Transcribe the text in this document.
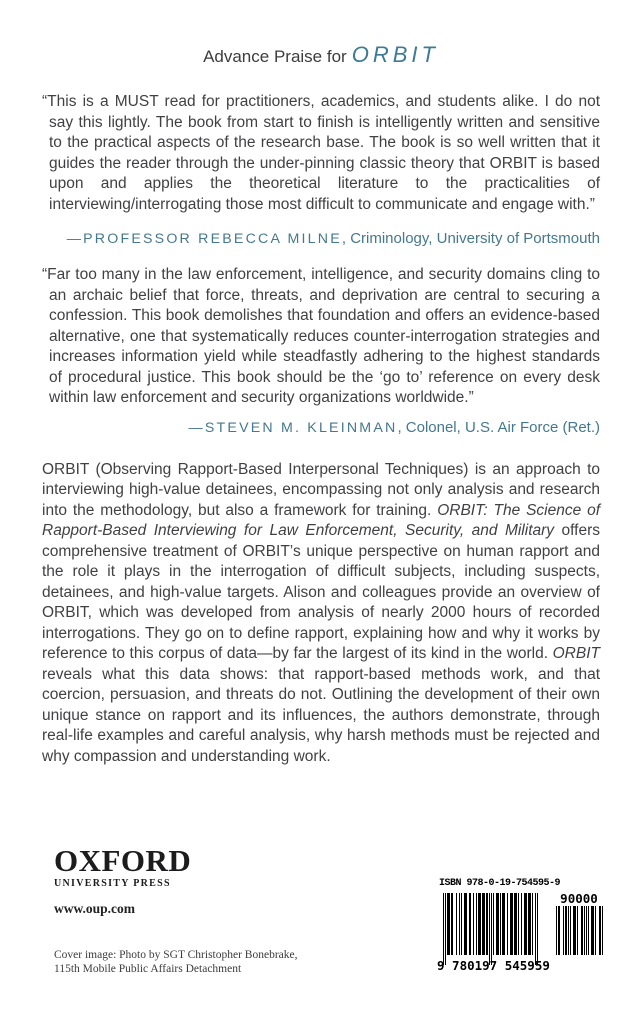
Advance Praise for ORBIT

“This is a MUST read for practitioners, academics, and students alike. I do not say this lightly. The book from start to finish is intelligently written and sensitive to the practical aspects of the research base. The book is so well written that it guides the reader through the under-pinning classic theory that ORBIT is based upon and applies the theoretical literature to the practicalities of interviewing/interrogating those most difficult to communicate and engage with.”

—PROFESSOR REBECCA MILNE, Criminology, University of Portsmouth

“Far too many in the law enforcement, intelligence, and security domains cling to an archaic belief that force, threats, and deprivation are central to securing a confession. This book demolishes that foundation and offers an evidence-based alternative, one that systematically reduces counter-interrogation strategies and increases information yield while steadfastly adhering to the highest standards of procedural justice. This book should be the ‘go to’ reference on every desk within law enforcement and security organizations worldwide.”

—STEVEN M. KLEINMAN, Colonel, U.S. Air Force (Ret.)

ORBIT (Observing Rapport-Based Interpersonal Techniques) is an approach to interviewing high-value detainees, encompassing not only analysis and research into the methodology, but also a framework for training. ORBIT: The Science of Rapport-Based Interviewing for Law Enforcement, Security, and Military offers comprehensive treatment of ORBIT’s unique perspective on human rapport and the role it plays in the interrogation of difficult subjects, including suspects, detainees, and high-value targets. Alison and colleagues provide an overview of ORBIT, which was developed from analysis of nearly 2000 hours of recorded interrogations. They go on to define rapport, explaining how and why it works by reference to this corpus of data—by far the largest of its kind in the world. ORBIT reveals what this data shows: that rapport-based methods work, and that coercion, persuasion, and threats do not. Outlining the development of their own unique stance on rapport and its influences, the authors demonstrate, through real-life examples and careful analysis, why harsh methods must be rejected and why compassion and understanding work.

OXFORD
UNIVERSITY PRESS
www.oup.com
Cover image: Photo by SGT Christopher Bonebrake,
115th Mobile Public Affairs Detachment
ISBN 978-0-19-754595-9
90000
9 780197 545959
